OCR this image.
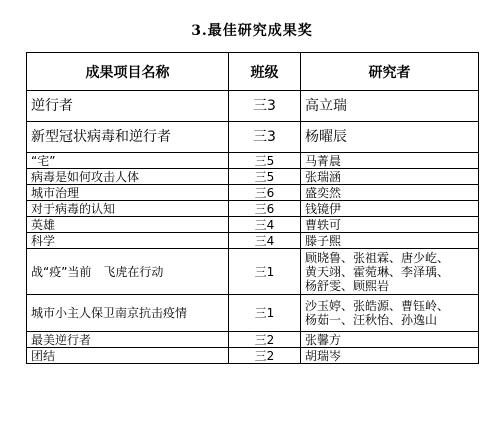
3.最佳研究成果奖
成果项目名称	班级	研究者
逆行者	三3	高立瑞
新型冠状病毒和逆行者	三3	杨曜辰
“宅”	三5	马菁晨
病毒是如何攻击人体	三5	张瑞涵
城市治理	三6	盛奕然
对于病毒的认知	三6	钱镜伊
英雄	三4	曹轶可
科学	三4	滕子熙
战“疫”当前　飞虎在行动	三1	顾晓鲁、张祖霖、唐少屹、
黄天翊、霍菀琳、李泽瑀、
杨舒雯、顾熙岩
城市小主人保卫南京抗击疫情	三1	沙玉婷、张皓源、曹钰岭、
杨茹一、汪秋怡、孙逸山
最美逆行者	三2	张馨方
团结	三2	胡瑞岑
